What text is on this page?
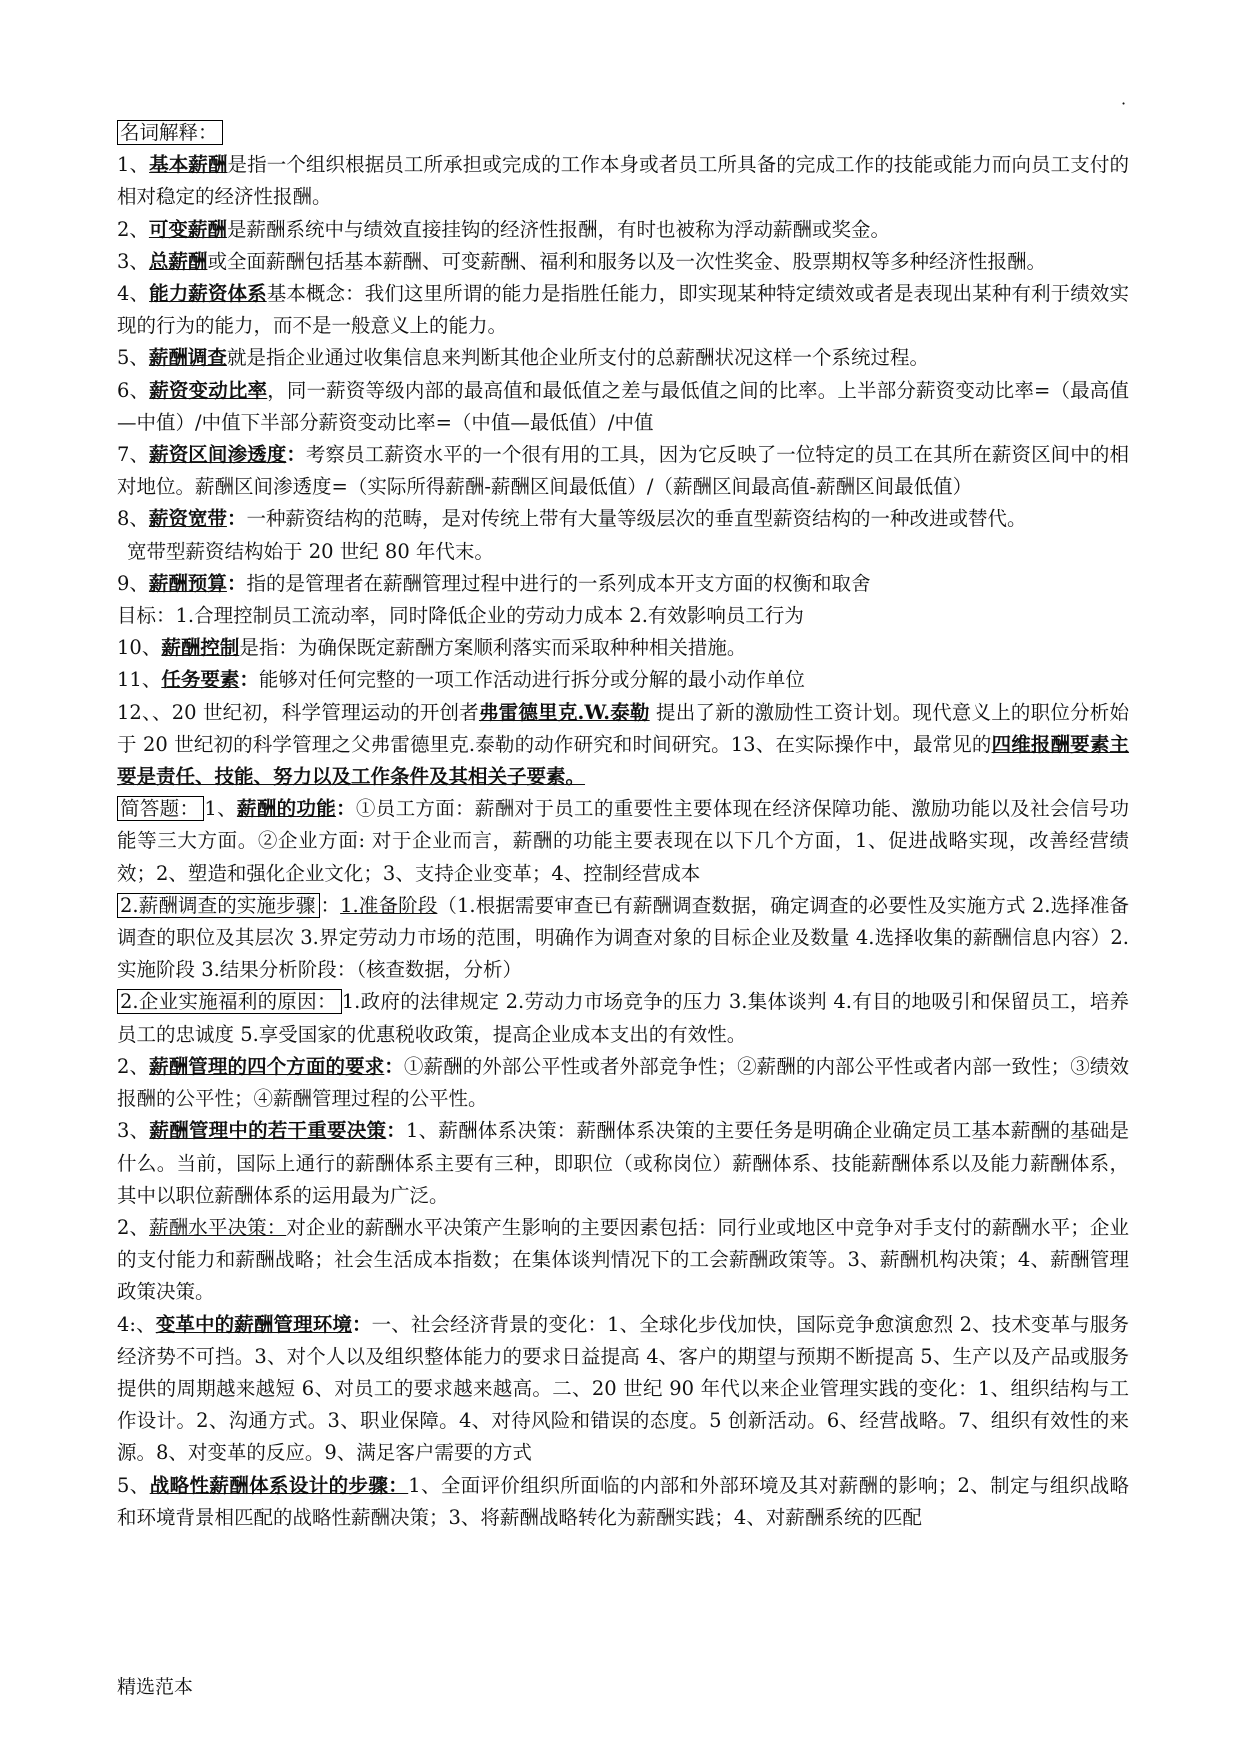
·

名词解释：

1、基本薪酬是指一个组织根据员工所承担或完成的工作本身或者员工所具备的完成工作的技能或能力而向员工支付的相对稳定的经济性报酬。

2、可变薪酬是薪酬系统中与绩效直接挂钩的经济性报酬，有时也被称为浮动薪酬或奖金。

3、总薪酬或全面薪酬包括基本薪酬、可变薪酬、福利和服务以及一次性奖金、股票期权等多种经济性报酬。

4、能力薪资体系基本概念：我们这里所谓的能力是指胜任能力，即实现某种特定绩效或者是表现出某种有利于绩效实现的行为的能力，而不是一般意义上的能力。

5、薪酬调查就是指企业通过收集信息来判断其他企业所支付的总薪酬状况这样一个系统过程。

6、薪资变动比率，同一薪资等级内部的最高值和最低值之差与最低值之间的比率。上半部分薪资变动比率=（最高值—中值）/中值下半部分薪资变动比率=（中值—最低值）/中值

7、薪资区间渗透度：考察员工薪资水平的一个很有用的工具，因为它反映了一位特定的员工在其所在薪资区间中的相对地位。薪酬区间渗透度=（实际所得薪酬-薪酬区间最低值）/（薪酬区间最高值-薪酬区间最低值）

8、薪资宽带：一种薪资结构的范畴，是对传统上带有大量等级层次的垂直型薪资结构的一种改进或替代。

宽带型薪资结构始于 20 世纪 80 年代末。

9、薪酬预算：指的是管理者在薪酬管理过程中进行的一系列成本开支方面的权衡和取舍

目标：1.合理控制员工流动率，同时降低企业的劳动力成本 2.有效影响员工行为

10、薪酬控制是指：为确保既定薪酬方案顺利落实而采取种种相关措施。

11、任务要素：能够对任何完整的一项工作活动进行拆分或分解的最小动作单位

12、、20 世纪初，科学管理运动的开创者弗雷德里克.W.泰勒 提出了新的激励性工资计划。现代意义上的职位分析始于 20 世纪初的科学管理之父弗雷德里克.泰勒的动作研究和时间研究。13、在实际操作中，最常见的四维报酬要素主要是责任、技能、努力以及工作条件及其相关子要素。

简答题： 1、薪酬的功能：①员工方面：薪酬对于员工的重要性主要体现在经济保障功能、激励功能以及社会信号功能等三大方面。②企业方面: 对于企业而言，薪酬的功能主要表现在以下几个方面，1、促进战略实现，改善经营绩效；2、塑造和强化企业文化；3、支持企业变革；4、控制经营成本

2.薪酬调查的实施步骤 ：1.准备阶段（1.根据需要审查已有薪酬调查数据，确定调查的必要性及实施方式 2.选择准备调查的职位及其层次 3.界定劳动力市场的范围，明确作为调查对象的目标企业及数量 4.选择收集的薪酬信息内容）2.实施阶段 3.结果分析阶段：（核查数据，分析）

2.企业实施福利的原因： 1.政府的法律规定 2.劳动力市场竞争的压力 3.集体谈判 4.有目的地吸引和保留员工，培养员工的忠诚度 5.享受国家的优惠税收政策，提高企业成本支出的有效性。

2、薪酬管理的四个方面的要求：①薪酬的外部公平性或者外部竞争性；②薪酬的内部公平性或者内部一致性；③绩效报酬的公平性；④薪酬管理过程的公平性。

3、薪酬管理中的若干重要决策：1、薪酬体系决策：薪酬体系决策的主要任务是明确企业确定员工基本薪酬的基础是什么。当前，国际上通行的薪酬体系主要有三种，即职位（或称岗位）薪酬体系、技能薪酬体系以及能力薪酬体系，其中以职位薪酬体系的运用最为广泛。

2、薪酬水平决策：对企业的薪酬水平决策产生影响的主要因素包括：同行业或地区中竞争对手支付的薪酬水平；企业的支付能力和薪酬战略；社会生活成本指数；在集体谈判情况下的工会薪酬政策等。3、薪酬机构决策；4、薪酬管理政策决策。

4:、变革中的薪酬管理环境：一、社会经济背景的变化：1、全球化步伐加快，国际竞争愈演愈烈 2、技术变革与服务经济势不可挡。3、对个人以及组织整体能力的要求日益提高 4、客户的期望与预期不断提高 5、生产以及产品或服务提供的周期越来越短 6、对员工的要求越来越高。二、20 世纪 90 年代以来企业管理实践的变化：1、组织结构与工作设计。2、沟通方式。3、职业保障。4、对待风险和错误的态度。5 创新活动。6、经营战略。7、组织有效性的来源。8、对变革的反应。9、满足客户需要的方式

5、战略性薪酬体系设计的步骤：1、全面评价组织所面临的内部和外部环境及其对薪酬的影响；2、制定与组织战略和环境背景相匹配的战略性薪酬决策；3、将薪酬战略转化为薪酬实践；4、对薪酬系统的匹配

精选范本
